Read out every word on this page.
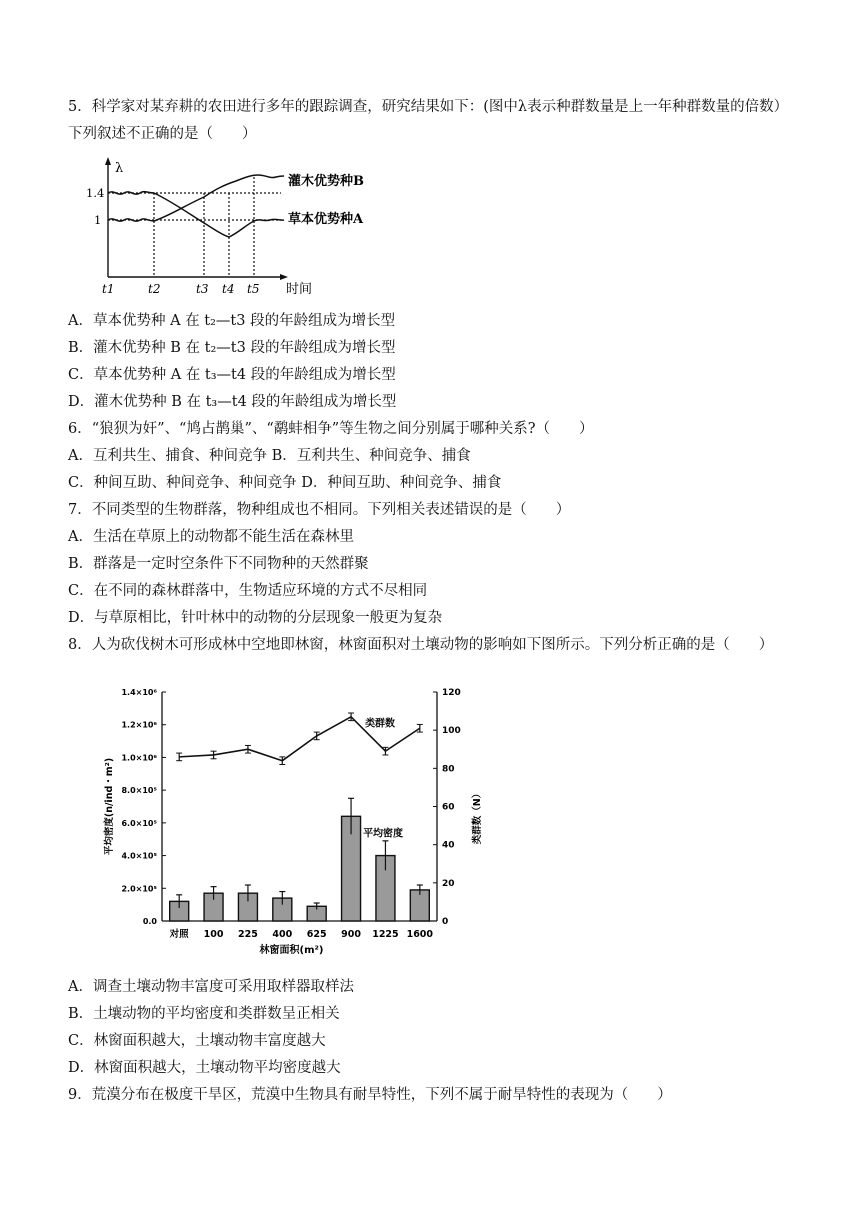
5．科学家对某弃耕的农田进行多年的跟踪调查，研究结果如下：(图中λ表示种群数量是上一年种群数量的倍数）下列叙述不正确的是（　　）
λ
1.4
1
t1	t2	t3 t4 t5 时间
灌木优势种B
草本优势种A
A．草本优势种 A 在 t₂—t3 段的年龄组成为增长型
B．灌木优势种 B 在 t₂—t3 段的年龄组成为增长型
C．草本优势种 A 在 t₃—t4 段的年龄组成为增长型
D．灌木优势种 B 在 t₃—t4 段的年龄组成为增长型
6．“狼狈为奸”、“鸠占鹊巢”、“鹬蚌相争”等生物之间分别属于哪种关系?（　　）
A．互利共生、捕食、种间竞争 B．互利共生、种间竞争、捕食
C．种间互助、种间竞争、种间竞争 D．种间互助、种间竞争、捕食
7．不同类型的生物群落，物种组成也不相同。下列相关表述错误的是（　　）
A．生活在草原上的动物都不能生活在森林里
B．群落是一定时空条件下不同物种的天然群聚
C．在不同的森林群落中，生物适应环境的方式不尽相同
D．与草原相比，针叶林中的动物的分层现象一般更为复杂
8．人为砍伐树木可形成林中空地即林窗，林窗面积对土壤动物的影响如下图所示。下列分析正确的是（　　）
0.0
2.0×10⁵
4.0×10⁵
6.0×10⁵
8.0×10⁵
1.0×10⁶
1.2×10⁶
1.4×10⁶
0
20
40
60
80
100
120
类群数
平均密度
对照 100 225 400 625 900 1225 1600
林窗面积(m²)
平均密度(n/ind・m²)	类群数（N）
A．调查土壤动物丰富度可采用取样器取样法
B．土壤动物的平均密度和类群数呈正相关
C．林窗面积越大，土壤动物丰富度越大
D．林窗面积越大，土壤动物平均密度越大
9．荒漠分布在极度干旱区，荒漠中生物具有耐旱特性，下列不属于耐旱特性的表现为（　　）
